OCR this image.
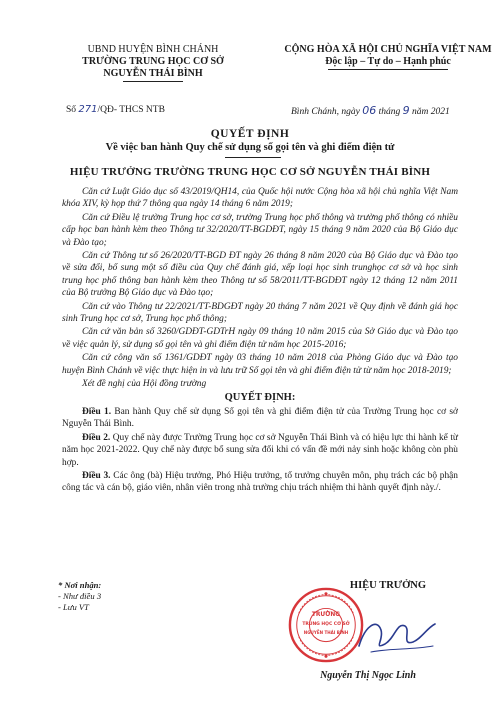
UBND HUYỆN BÌNH CHÁNH
TRƯỜNG TRUNG HỌC CƠ SỞ
NGUYỄN THÁI BÌNH
CỘNG HÒA XÃ HỘI CHỦ NGHĨA VIỆT NAM
Độc lập – Tự do – Hạnh phúc
Số 271/QĐ- THCS NTB	Bình Chánh, ngày 06 tháng 9 năm 2021
QUYẾT ĐỊNH
Về việc ban hành Quy chế sử dụng sổ gọi tên và ghi điểm điện tử
HIỆU TRƯỞNG TRƯỜNG TRUNG HỌC CƠ SỞ NGUYỄN THÁI BÌNH

Căn cứ Luật Giáo dục số 43/2019/QH14, của Quốc hội nước Cộng hòa xã hội chủ nghĩa Việt Nam khóa XIV, kỳ họp thứ 7 thông qua ngày 14 tháng 6 năm 2019;

Căn cứ Điều lệ trường Trung học cơ sở, trường Trung học phổ thông và trường phổ thông có nhiều cấp học ban hành kèm theo Thông tư 32/2020/TT-BGDĐT, ngày 15 tháng 9 năm 2020 của Bộ Giáo dục và Đào tạo;

Căn cứ Thông tư số 26/2020/TT-BGD ĐT ngày 26 tháng 8 năm 2020 của Bộ Giáo dục và Đào tạo về sửa đổi, bổ sung một số điều của Quy chế đánh giá, xếp loại học sinh trunghọc cơ sở và học sinh trung học phổ thông ban hành kèm theo Thông tư số 58/2011/TT-BGDĐT ngày 12 tháng 12 năm 2011 của Bộ trưởng Bộ Giáo dục và Đào tạo;

Căn cứ vào Thông tư 22/2021/TT-BDGĐT ngày 20 tháng 7 năm 2021 về Quy định về đánh giá học sinh Trung học cơ sở, Trung học phổ thông;

Căn cứ văn bản số 3260/GDĐT-GDTrH ngày 09 tháng 10 năm 2015 của Sở Giáo dục và Đào tạo về việc quản lý, sử dụng sổ gọi tên và ghi điểm điện tử năm học 2015-2016;

Căn cứ công văn số 1361/GDĐT ngày 03 tháng 10 năm 2018 của Phòng Giáo dục và Đào tạo huyện Bình Chánh về việc thực hiện in và lưu trữ Sổ gọi tên và ghi điểm điện tử từ năm học 2018-2019;

Xét đề nghị của Hội đồng trường

QUYẾT ĐỊNH:

Điều 1. Ban hành Quy chế sử dụng Sổ gọi tên và ghi điểm điện tử của Trường Trung học cơ sở Nguyễn Thái Bình.

Điều 2. Quy chế này được Trường Trung học cơ sở Nguyễn Thái Bình và có hiệu lực thi hành kể từ năm học 2021-2022. Quy chế này được bổ sung sửa đổi khi có vấn đề mới nảy sinh hoặc không còn phù hợp.

Điều 3. Các ông (bà) Hiệu trưởng, Phó Hiệu trưởng, tổ trưởng chuyên môn, phụ trách các bộ phận công tác và cán bộ, giáo viên, nhân viên trong nhà trường chịu trách nhiệm thi hành quyết định này./.

* Nơi nhận:
- Như điều 3
- Lưu VT
HIỆU TRƯỞNG
TRƯỜNG
TRUNG HỌC CƠ SỞ
NGUYỄN THÁI BÌNH
Nguyễn Thị Ngọc Linh
